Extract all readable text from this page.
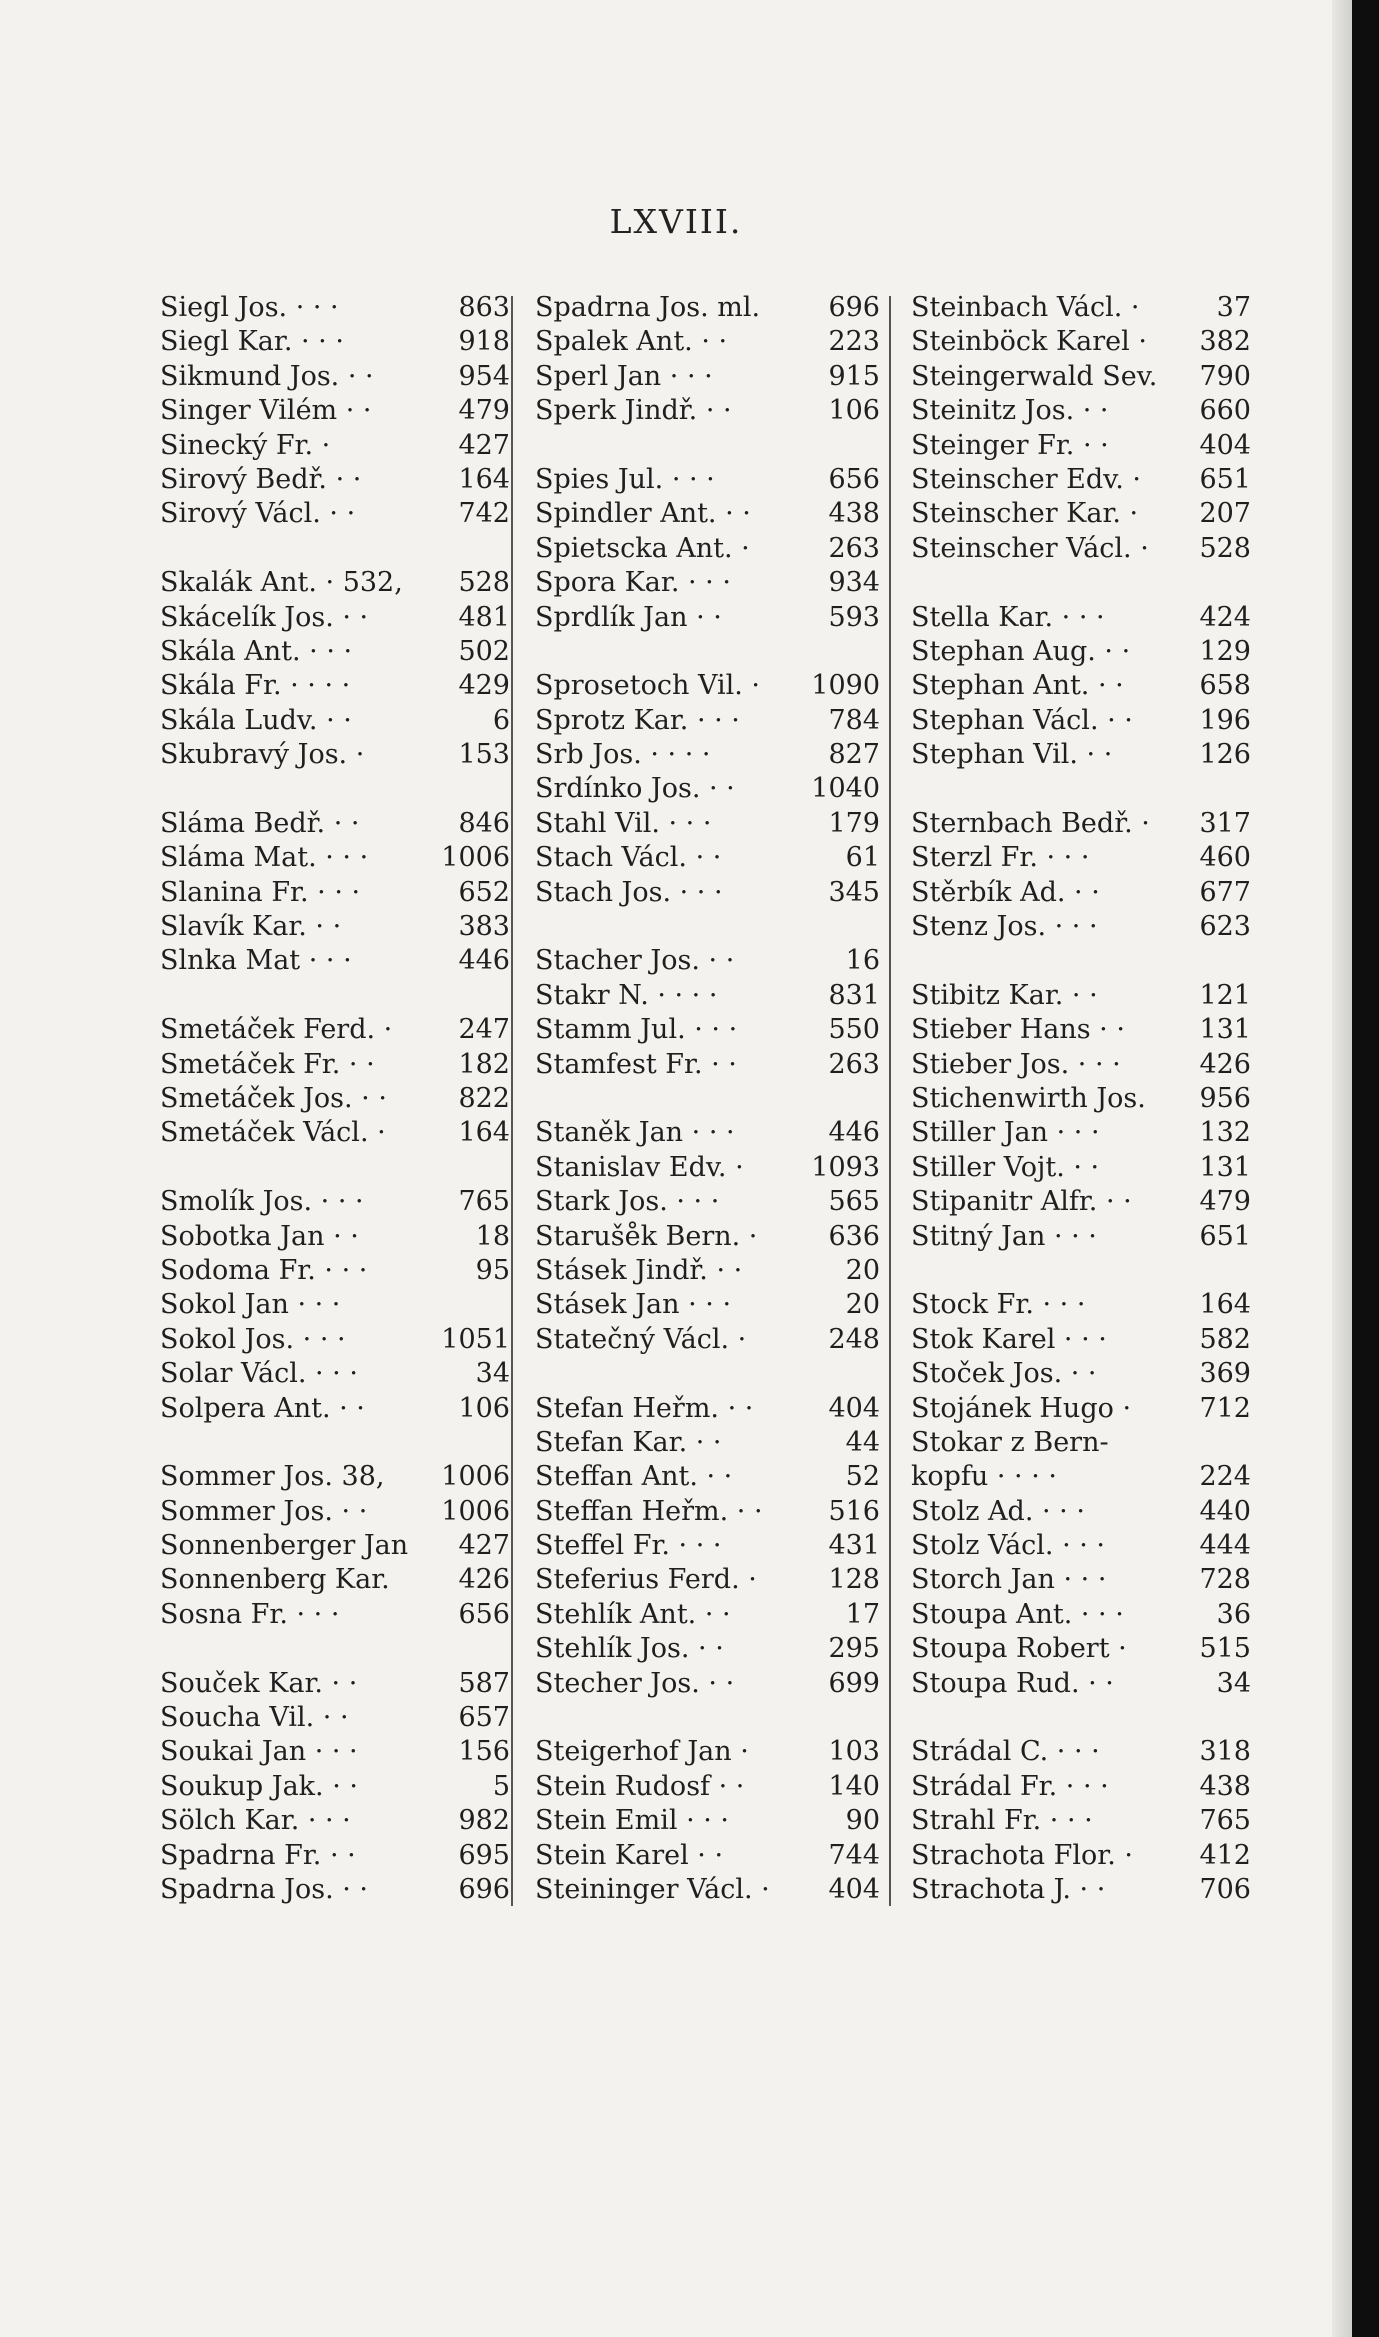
LXVIII.
Siegl Jos. · · ·	863
Siegl Kar. · · ·	918
Sikmund Jos. · ·	954
Singer Vilém · ·	479
Sinecký Fr. ·	427
Sirový Bedř. · ·	164
Sirový Václ. · ·	742
Skalák Ant. · 532, 528
Skácelík Jos. · ·	481
Skála Ant. · · ·	502
Skála Fr. · · · ·	429
Skála Ludv. · ·	6
Skubravý Jos. ·	153
Sláma Bedř. · ·	846
Sláma Mat. · · ·	1006
Slanina Fr. · · ·	652
Slavík Kar. · ·	383
Slnka Mat · · ·	446
Smetáček Ferd. · 247
Smetáček Fr. · ·	182
Smetáček Jos. · ·	822
Smetáček Václ. ·	164
Smolík Jos. · · ·	765
Sobotka Jan · ·	18
Sodoma Fr. · · ·	95
Sokol Jan · · ·
Sokol Jos. · · ·	1051
Solar Václ. · · ·	34
Solpera Ant. · ·	106
Sommer Jos. 38, 1006
Sommer Jos. · ·	1006
Sonnenberger Jan 427
Sonnenberg Kar.	426
Sosna Fr. · · ·	656
Souček Kar. · ·	587
Soucha Vil. · ·	657
Soukai Jan · · ·	156
Soukup Jak. · ·	5
Sölch Kar. · · ·	982
Spadrna Fr. · ·	695
Spadrna Jos. · ·	696
Spadrna Jos. ml.	696
Spalek Ant. · ·	223
Sperl Jan · · ·	915
Sperk Jindř. · ·	106
Spies Jul. · · ·	656
Spindler Ant. · ·	438
Spietscka Ant. ·	263
Spora Kar. · · ·	934
Sprdlík Jan · ·	593
Sprosetoch Vil. · 1090
Sprotz Kar. · · ·	784
Srb Jos. · · · ·	827
Srdínko Jos. · ·	1040
Stahl Vil. · · ·	179
Stach Václ. · ·	61
Stach Jos. · · ·	345
Stacher Jos. · ·	16
Stakr N. · · · ·	831
Stamm Jul. · · ·	550
Stamfest Fr. · ·	263
Staněk Jan · · ·	446
Stanislav Edv. ·	1093
Stark Jos. · · ·	565
Staruše̊k Bern. ·	636
Stásek Jindř. · ·	20
Stásek Jan · · ·	20
Statečný Václ. ·	248
Stefan Heřm. · ·	404
Stefan Kar. · ·	44
Steffan Ant. · ·	52
Steffan Heřm. · · 516
Steffel Fr. · · ·	431
Steferius Ferd. ·	128
Stehlík Ant. · ·	17
Stehlík Jos. · ·	295
Stecher Jos. · ·	699
Steigerhof Jan ·	103
Stein Rudosf · ·	140
Stein Emil · · ·	90
Stein Karel · ·	744
Steininger Václ. · 404
Steinbach Václ. ·	37
Steinböck Karel · 382
Steingerwald Sev. 790
Steinitz Jos. · ·	660
Steinger Fr. · ·	404
Steinscher Edv. · 651
Steinscher Kar. · 207
Steinscher Václ. · 528
Stella Kar. · · ·	424
Stephan Aug. · ·	129
Stephan Ant. · ·	658
Stephan Václ. · · 196
Stephan Vil. · ·	126
Sternbach Bedř. · 317
Sterzl Fr. · · ·	460
Stěrbík Ad. · ·	677
Stenz Jos. · · ·	623
Stibitz Kar. · ·	121
Stieber Hans · ·	131
Stieber Jos. · · ·	426
Stichenwirth Jos. 956
Stiller Jan · · ·	132
Stiller Vojt. · ·	131
Stipanitr Alfr. · ·	479
Stitný Jan · · ·	651
Stock Fr. · · ·	164
Stok Karel · · ·	582
Stoček Jos. · ·	369
Stojánek Hugo ·	712
Stokar z Bern-
kopfu · · · ·	224
Stolz Ad. · · ·	440
Stolz Václ. · · ·	444
Storch Jan · · ·	728
Stoupa Ant. · · ·	36
Stoupa Robert ·	515
Stoupa Rud. · ·	34
Strádal C. · · ·	318
Strádal Fr. · · ·	438
Strahl Fr. · · ·	765
Strachota Flor. · 412
Strachota J. · ·	706
